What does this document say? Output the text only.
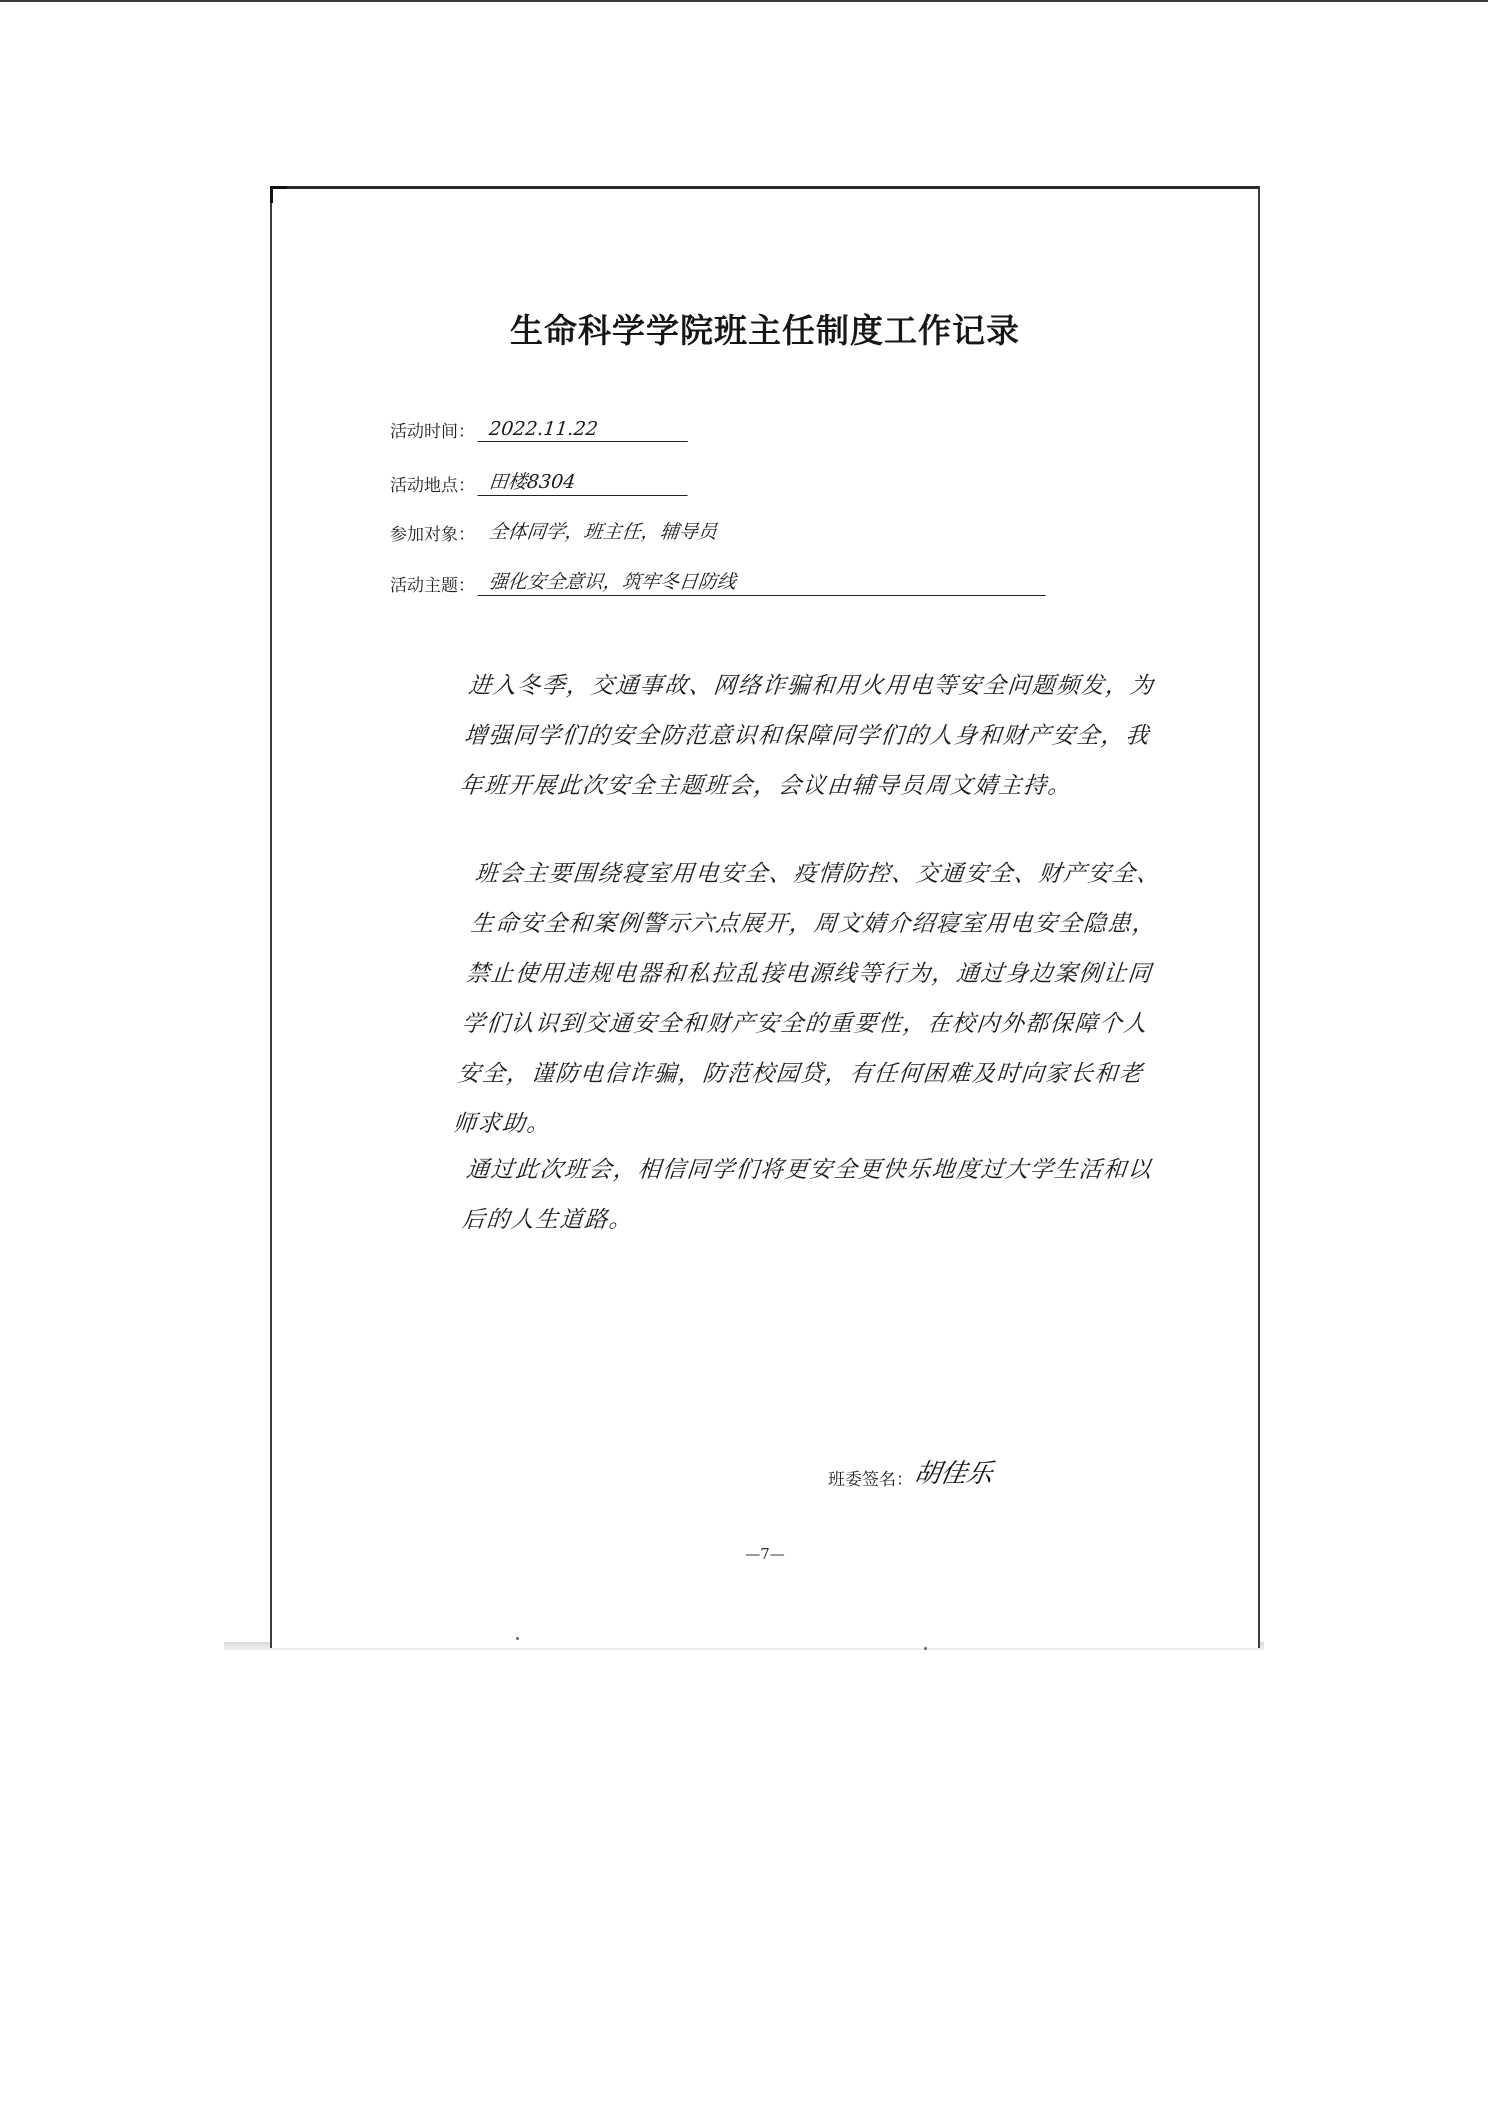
生命科学学院班主任制度工作记录
活动时间： 2022.11.22
活动地点： 田楼8304
参加对象： 全体同学，班主任，辅导员
活动主题： 强化安全意识，筑牢冬日防线
进入冬季，交通事故、网络诈骗和用火用电等安全问题频发，为增强同学们的安全防范意识和保障同学们的人身和财产安全，我年班开展此次安全主题班会，会议由辅导员周文婧主持。
班会主要围绕寝室用电安全、疫情防控、交通安全、财产安全、生命安全和案例警示六点展开，周文婧介绍寝室用电安全隐患，禁止使用违规电器和私拉乱接电源线等行为，通过身边案例让同学们认识到交通安全和财产安全的重要性，在校内外都保障个人安全，谨防电信诈骗，防范校园贷，有任何困难及时向家长和老师求助。
通过此次班会，相信同学们将更安全更快乐地度过大学生活和以后的人生道路。
班委签名：
胡佳乐
—7—
